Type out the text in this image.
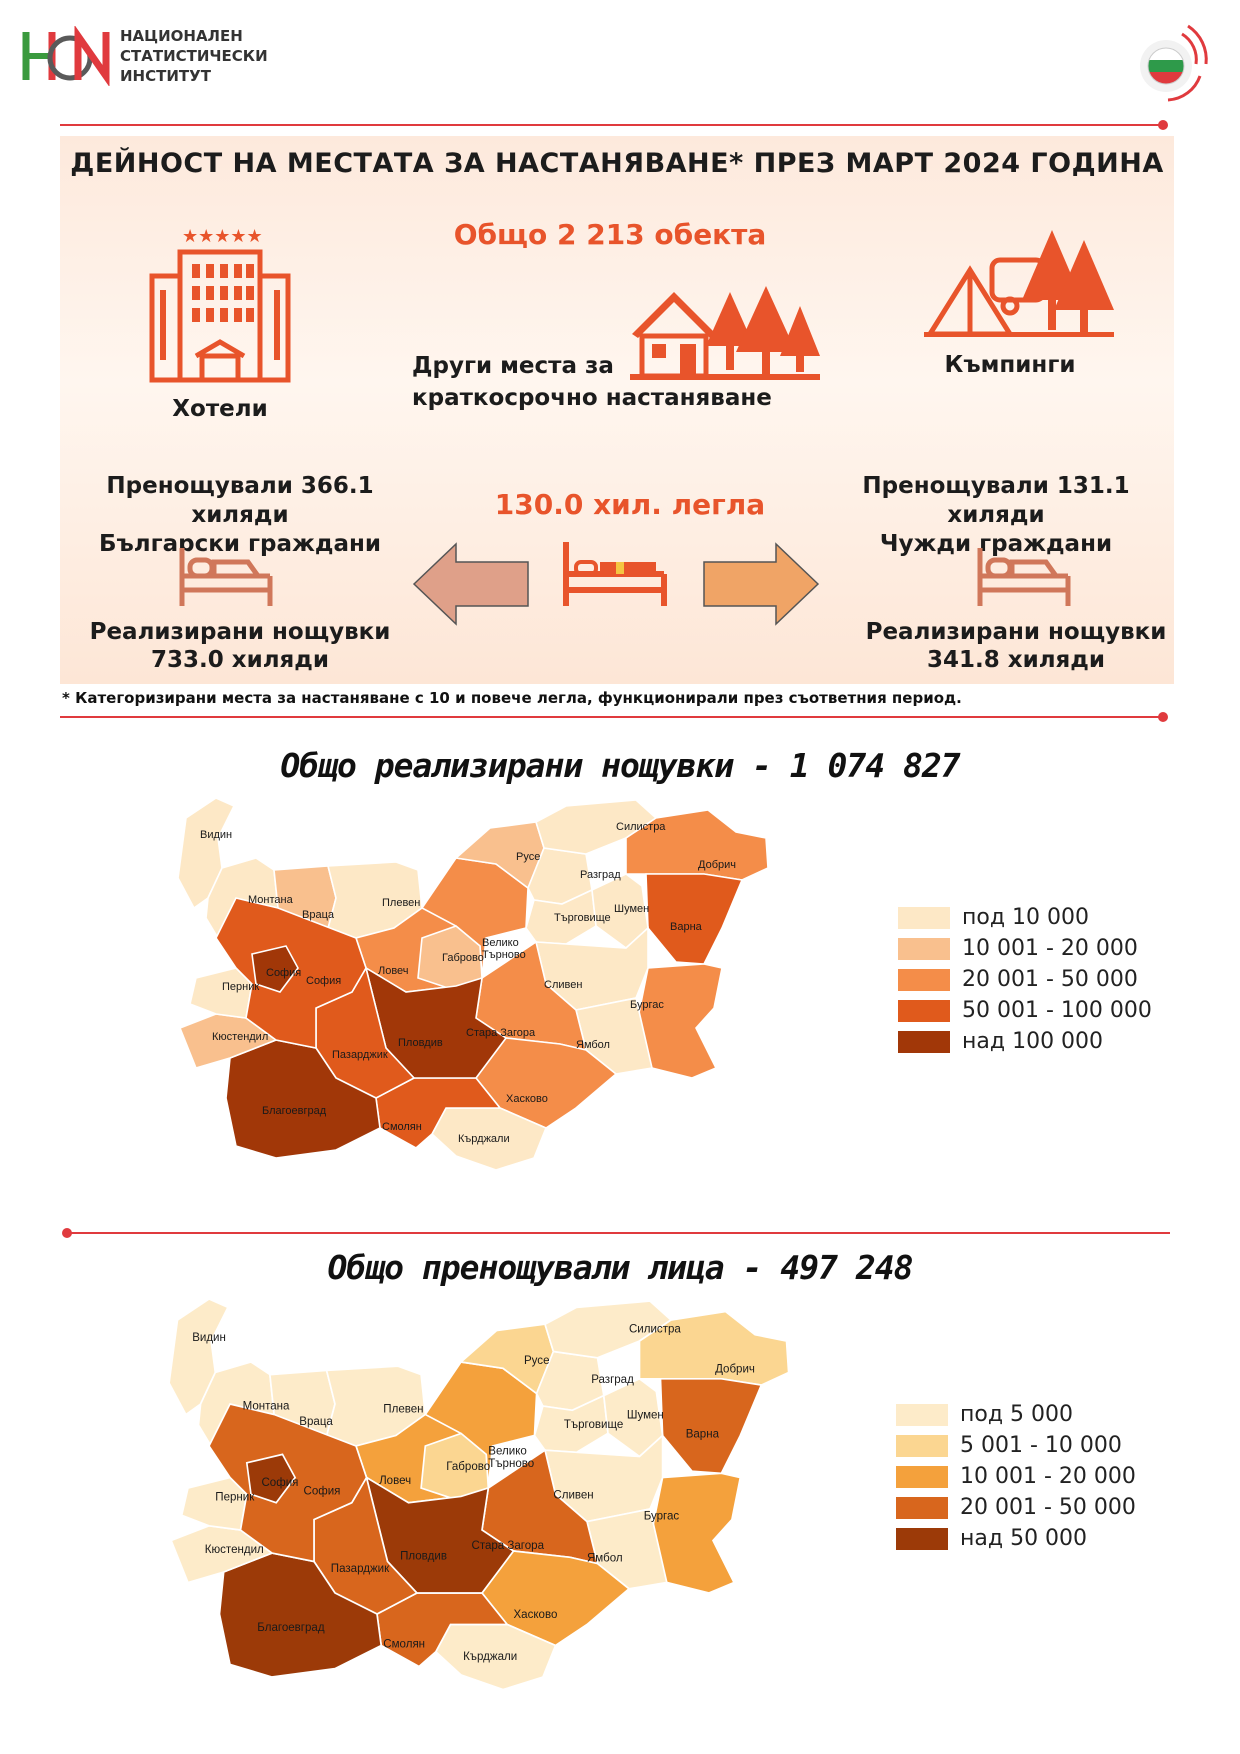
НАЦИОНАЛЕН
СТАТИСТИЧЕСКИ
ИНСТИТУТ
ДЕЙНОСТ НА МЕСТАТА ЗА НАСТАНЯВАНЕ* ПРЕЗ МАРТ 2024 ГОДИНА
Общо 2 213 обекта
★★★★★
Хотели
Други места за
краткосрочно настаняване
Къмпинги
Пренощували 366.1 хиляди
Български граждани
Реализирани нощувки
733.0 хиляди
130.0 хил. легла
Пренощували 131.1 хиляди
Чужди граждани
Реализирани нощувки
341.8 хиляди
* Категоризирани места за настаняване с 10 и повече легла, функционирали през съответния период.
Общо реализирани нощувки - 1 074 827
Видин
Монтана
Враца
Плевен
Ловеч
Велико Търново
Габрово
Русе
Разград
Силистра
Търговище
Шумен
Добрич
Варна
Бургас
Сливен
Ямбол
Стара Загора
Хасково
Кърджали
Смолян
Пловдив
Пазарджик
Благоевград
Кюстендил
Перник	София
София
под 10 000
10 001 - 20 000
20 001 - 50 000
50 001 - 100 000
над 100 000
Общо пренощували лица - 497 248
Видин
Монтана
Враца
Плевен
Ловеч
Велико Търново
Габрово
Русе
Разград
Силистра
Търговище
Шумен
Добрич
Варна
Бургас
Сливен
Ямбол
Стара Загора
Хасково
Кърджали
Смолян
Пловдив
Пазарджик
Благоевград
Кюстендил
Перник
София
София
под 5 000
5 001 - 10 000
10 001 - 20 000
20 001 - 50 000
над 50 000
